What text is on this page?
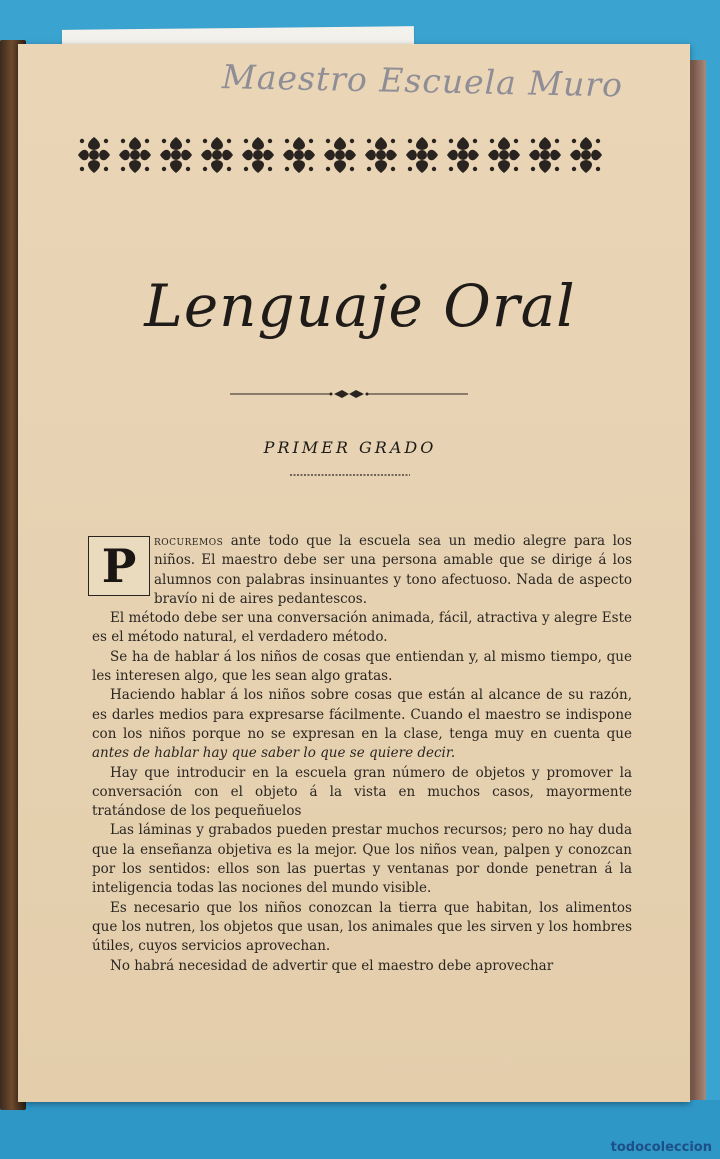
Maestro Escuela Muro
Lenguaje Oral
PRIMER GRADO
P	rocuremos ante todo que la escuela sea un medio alegre para los niños. El maestro debe ser una persona amable que se dirige á los alumnos con palabras insinuantes y tono afectuoso. Nada de aspecto bravío ni de aires pedantescos.

El método debe ser una conversación animada, fácil, atractiva y alegre Este es el método natural, el verdadero método.

Se ha de hablar á los niños de cosas que entiendan y, al mismo tiempo, que les interesen algo, que les sean algo gratas.

Haciendo hablar á los niños sobre cosas que están al alcance de su razón, es darles medios para expresarse fácilmente. Cuando el maestro se indispone con los niños porque no se expresan en la clase, tenga muy en cuenta que antes de hablar hay que saber lo que se quiere decir.

Hay que introducir en la escuela gran número de objetos y promover la conversación con el objeto á la vista en muchos casos, mayormente tratándose de los pequeñuelos

Las láminas y grabados pueden prestar muchos recursos; pero no hay duda que la enseñanza objetiva es la mejor. Que los niños vean, palpen y conozcan por los sentidos: ellos son las puertas y ventanas por donde penetran á la inteligencia todas las nociones del mundo visible.

Es necesario que los niños conozcan la tierra que habitan, los alimentos que los nutren, los objetos que usan, los animales que les sirven y los hombres útiles, cuyos servicios aprovechan.

No habrá necesidad de advertir que el maestro debe aprovechar

todocoleccion
